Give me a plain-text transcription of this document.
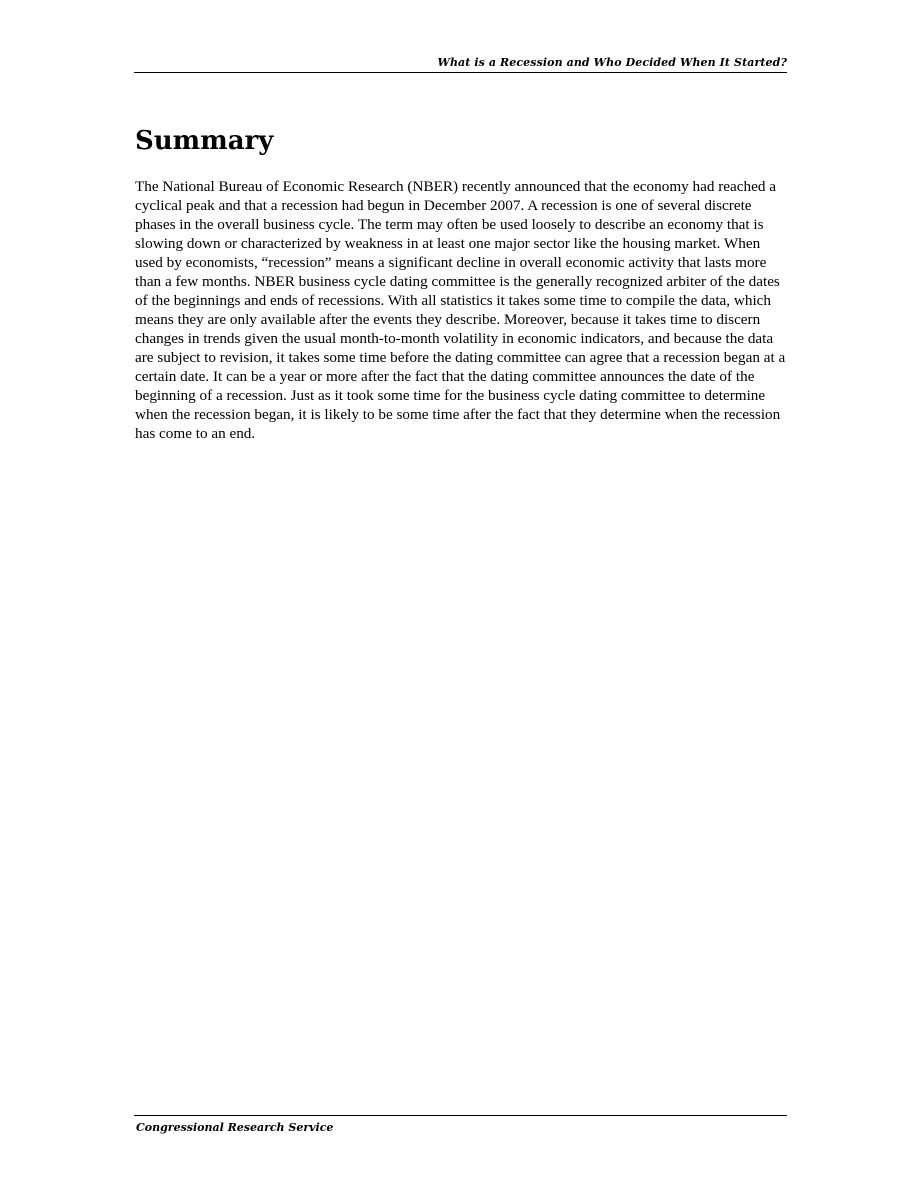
What is a Recession and Who Decided When It Started?
Summary

The National Bureau of Economic Research (NBER) recently announced that the economy had reached a cyclical peak and that a recession had begun in December 2007. A recession is one of several discrete phases in the overall business cycle. The term may often be used loosely to describe an economy that is slowing down or characterized by weakness in at least one major sector like the housing market. When used by economists, “recession” means a significant decline in overall economic activity that lasts more than a few months. NBER business cycle dating committee is the generally recognized arbiter of the dates of the beginnings and ends of recessions. With all statistics it takes some time to compile the data, which means they are only available after the events they describe. Moreover, because it takes time to discern changes in trends given the usual month-to-month volatility in economic indicators, and because the data are subject to revision, it takes some time before the dating committee can agree that a recession began at a certain date. It can be a year or more after the fact that the dating committee announces the date of the beginning of a recession. Just as it took some time for the business cycle dating committee to determine when the recession began, it is likely to be some time after the fact that they determine when the recession has come to an end.

Congressional Research Service
